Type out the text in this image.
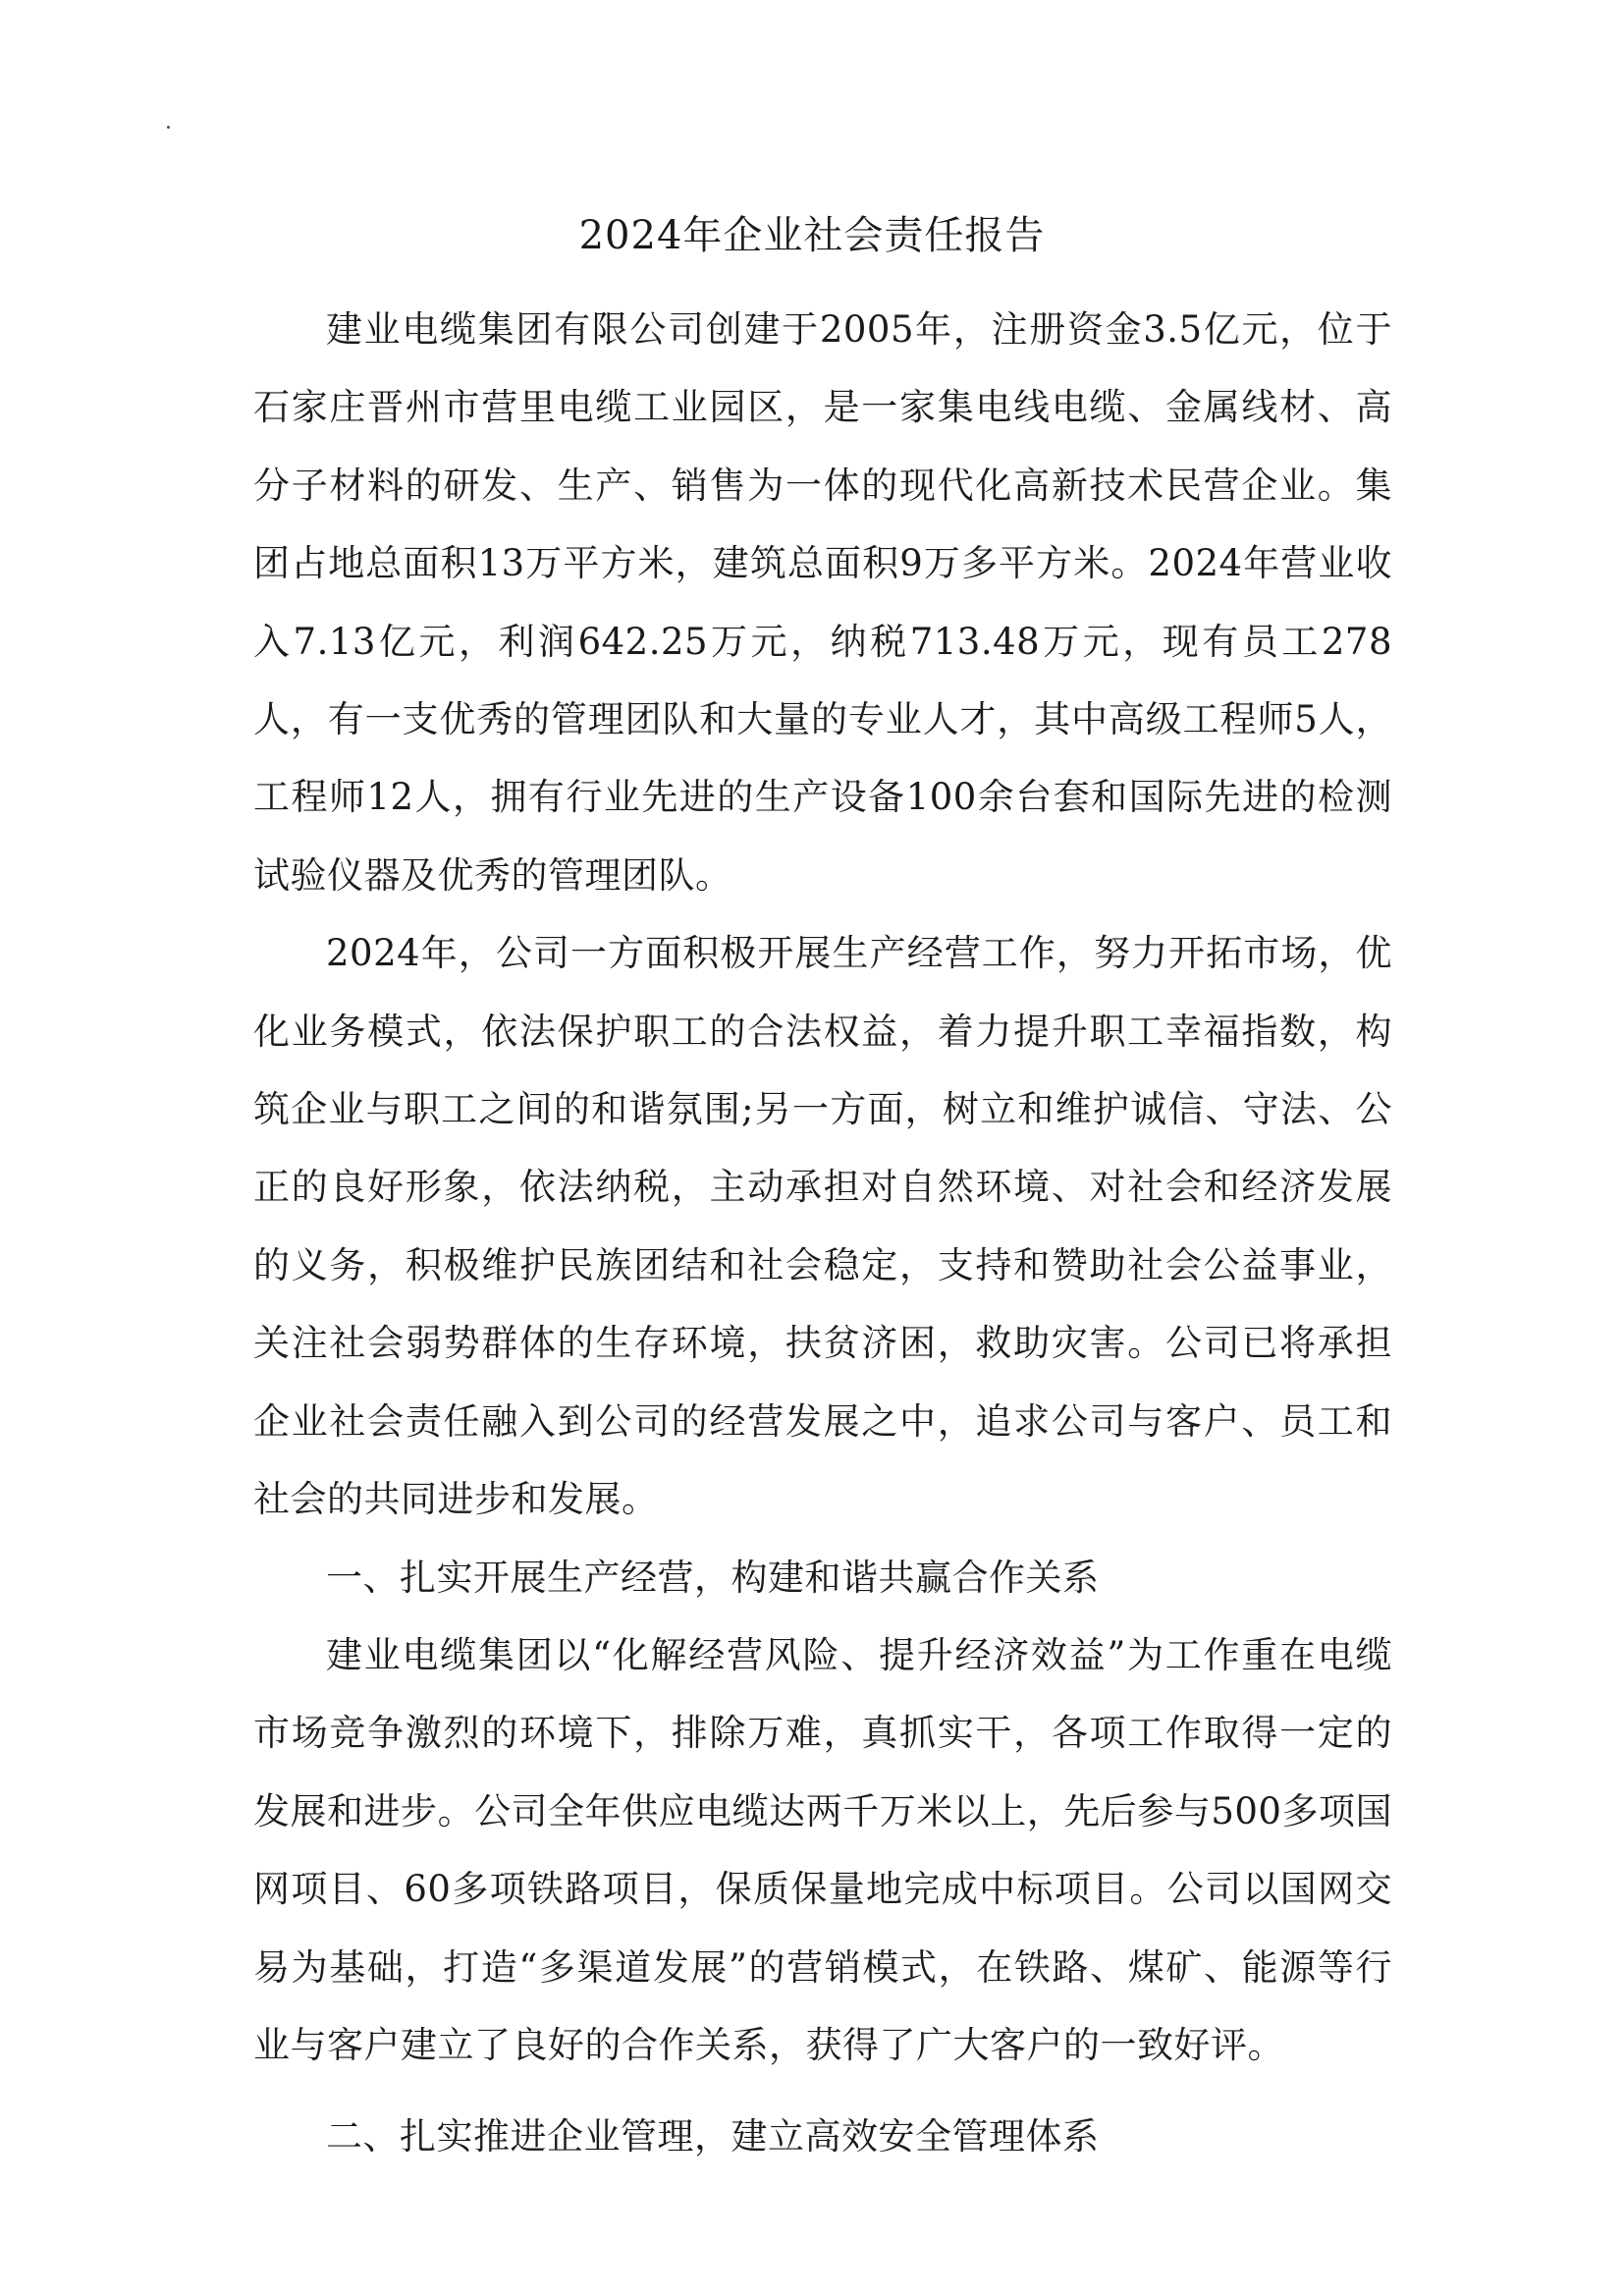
2024年企业社会责任报告

建业电缆集团有限公司创建于2005年，注册资金3.5亿元，位于石家庄晋州市营里电缆工业园区，是一家集电线电缆、金属线材、高分子材料的研发、生产、销售为一体的现代化高新技术民营企业。集团占地总面积13万平方米，建筑总面积9万多平方米。2024年营业收入7.13亿元，利润642.25万元，纳税713.48万元，现有员工278人，有一支优秀的管理团队和大量的专业人才，其中高级工程师5人，工程师12人，拥有行业先进的生产设备100余台套和国际先进的检测试验仪器及优秀的管理团队。

2024年，公司一方面积极开展生产经营工作，努力开拓市场，优化业务模式，依法保护职工的合法权益，着力提升职工幸福指数，构筑企业与职工之间的和谐氛围;另一方面，树立和维护诚信、守法、公正的良好形象，依法纳税，主动承担对自然环境、对社会和经济发展的义务，积极维护民族团结和社会稳定，支持和赞助社会公益事业，关注社会弱势群体的生存环境，扶贫济困，救助灾害。公司已将承担企业社会责任融入到公司的经营发展之中，追求公司与客户、员工和社会的共同进步和发展。

一、扎实开展生产经营，构建和谐共赢合作关系

建业电缆集团以“化解经营风险、提升经济效益”为工作重在电缆市场竞争激烈的环境下，排除万难，真抓实干，各项工作取得一定的发展和进步。公司全年供应电缆达两千万米以上，先后参与500多项国网项目、60多项铁路项目，保质保量地完成中标项目。公司以国网交易为基础，打造“多渠道发展”的营销模式，在铁路、煤矿、能源等行业与客户建立了良好的合作关系，获得了广大客户的一致好评。

二、扎实推进企业管理，建立高效安全管理体系
